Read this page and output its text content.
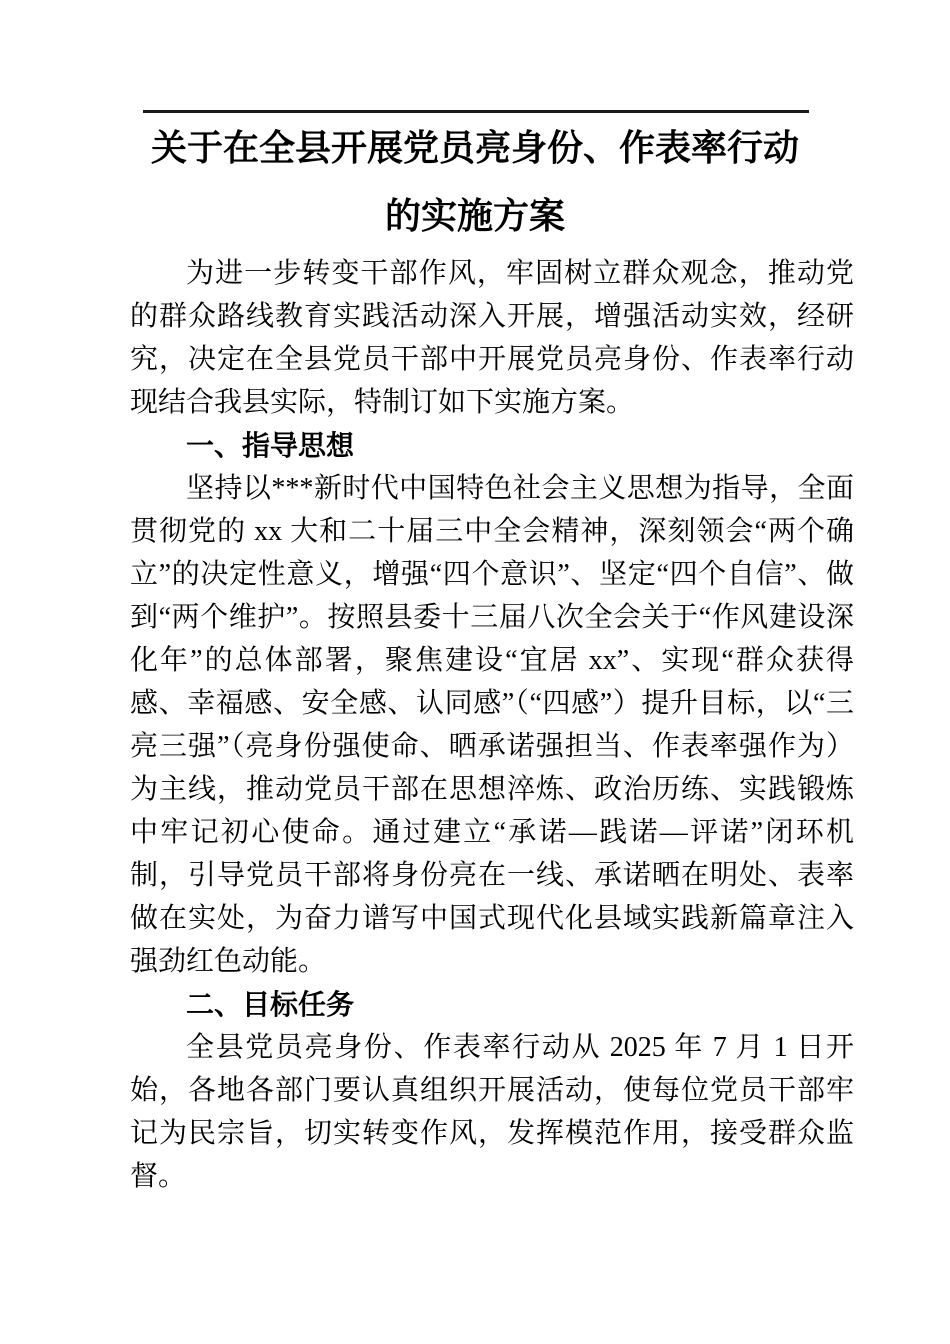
关于在全县开展党员亮身份、作表率行动的实施方案

为进一步转变干部作风，牢固树立群众观念，推动党的群众路线教育实践活动深入开展，增强活动实效，经研究，决定在全县党员干部中开展党员亮身份、作表率行动现结合我县实际，特制订如下实施方案。

一、指导思想

坚持以***新时代中国特色社会主义思想为指导，全面贯彻党的 xx 大和二十届三中全会精神，深刻领会“两个确立”的决定性意义，增强“四个意识”、坚定“四个自信”、做到“两个维护”。按照县委十三届八次全会关于“作风建设深化年”的总体部署，聚焦建设“宜居 xx”、实现“群众获得感、幸福感、安全感、认同感”（“四感”）提升目标，以“三亮三强”（亮身份强使命、晒承诺强担当、作表率强作为）为主线，推动党员干部在思想淬炼、政治历练、实践锻炼中牢记初心使命。通过建立“承诺—践诺—评诺”闭环机制，引导党员干部将身份亮在一线、承诺晒在明处、表率做在实处，为奋力谱写中国式现代化县域实践新篇章注入强劲红色动能。

二、目标任务

全县党员亮身份、作表率行动从 2025 年 7 月 1 日开始，各地各部门要认真组织开展活动，使每位党员干部牢记为民宗旨，切实转变作风，发挥模范作用，接受群众监督。
